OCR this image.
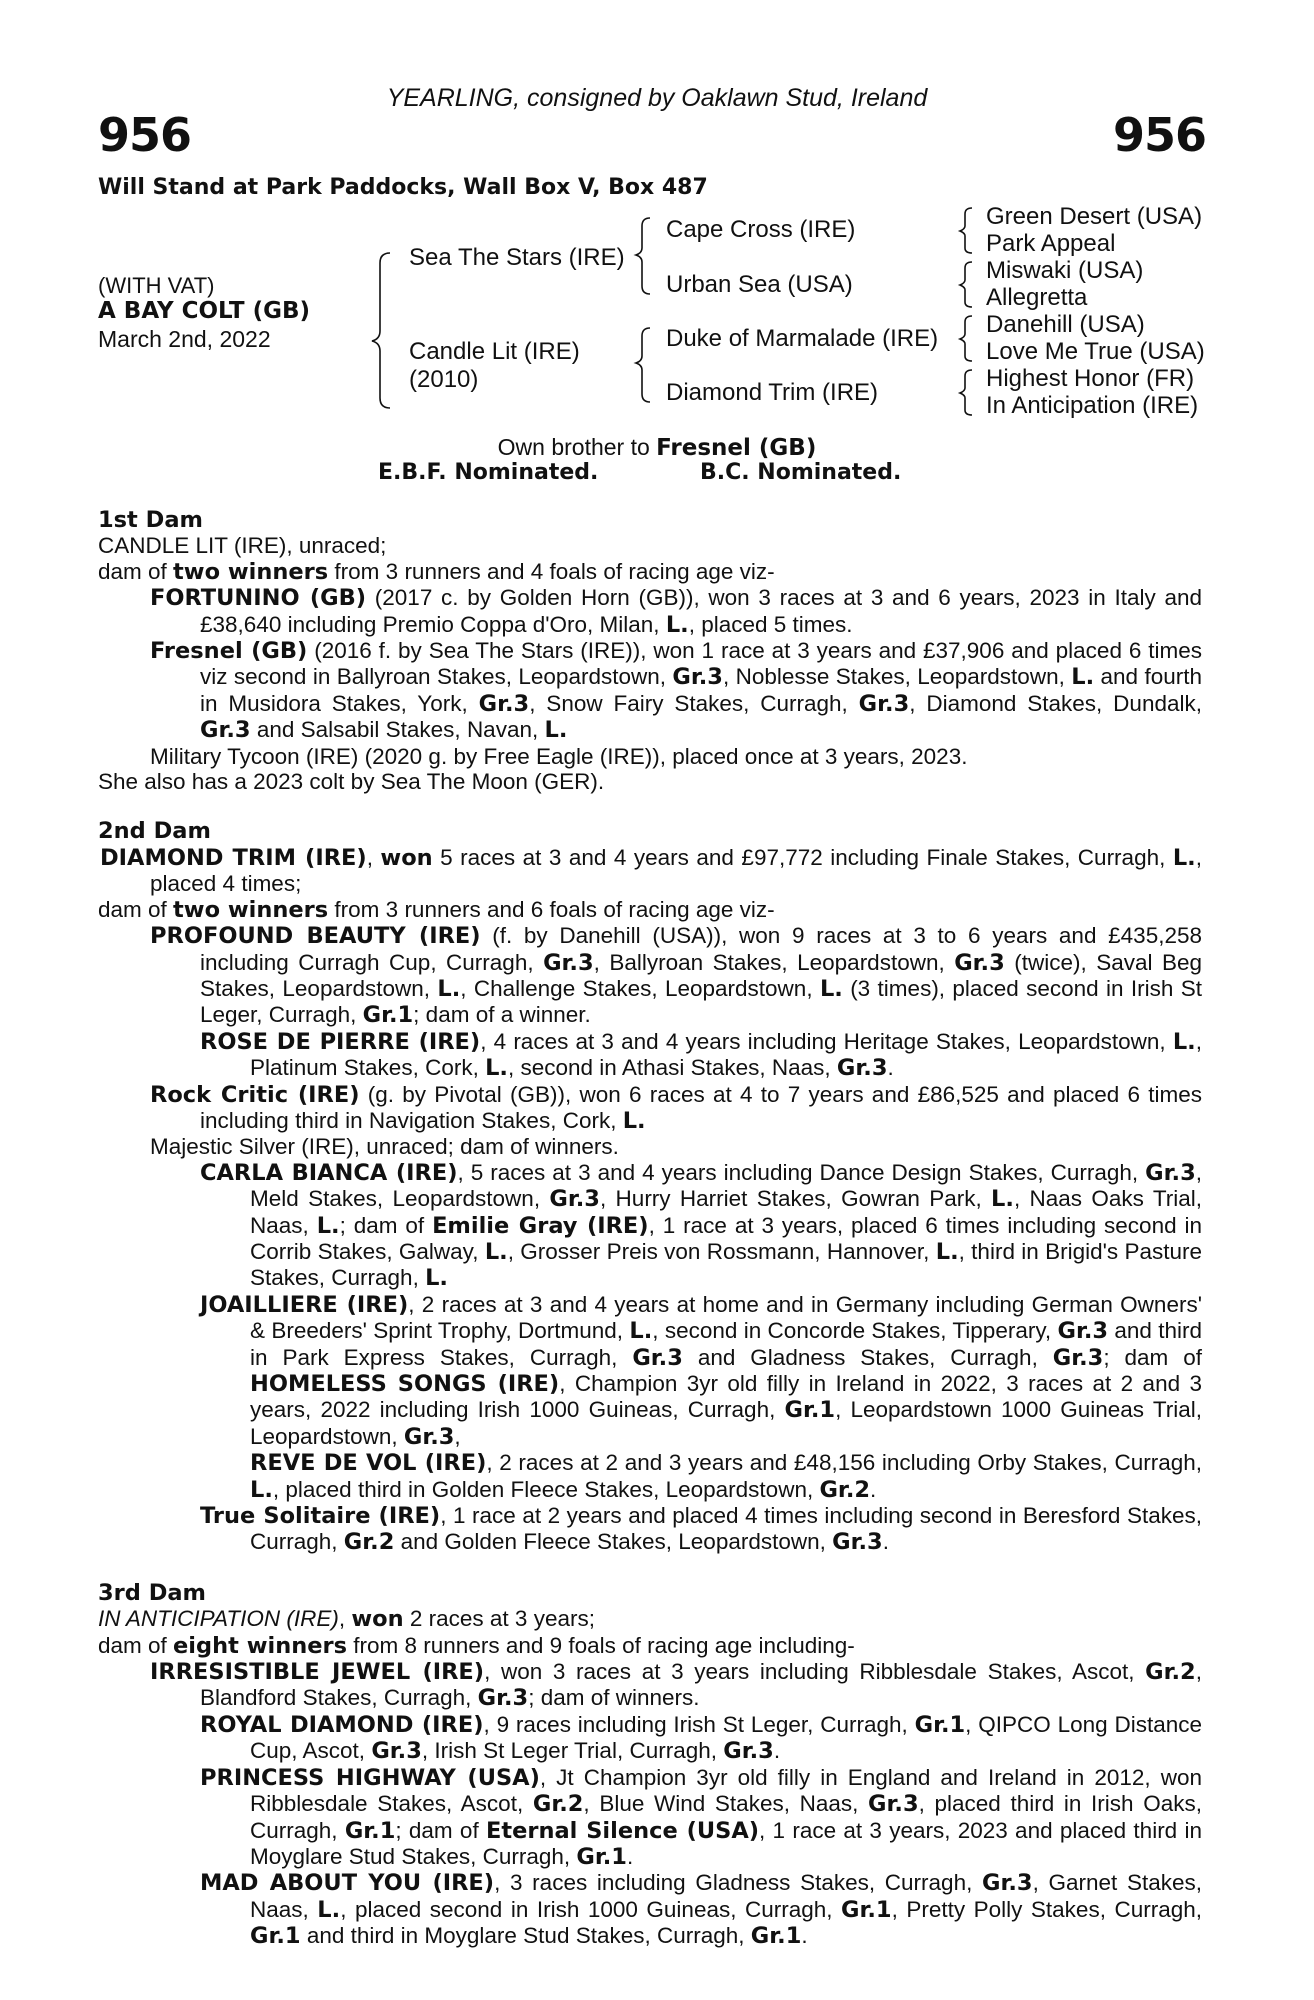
YEARLING, consigned by Oaklawn Stud, Ireland
956	956
Will Stand at Park Paddocks, Wall Box V, Box 487
(WITH VAT)
A BAY COLT (GB)
March 2nd, 2022
Sea The Stars (IRE)
Candle Lit (IRE)
(2010)
Cape Cross (IRE)
Urban Sea (USA)
Duke of Marmalade (IRE)
Diamond Trim (IRE)
Green Desert (USA)
Park Appeal
Miswaki (USA)
Allegretta
Danehill (USA)
Love Me True (USA)
Highest Honor (FR)
In Anticipation (IRE)
Own brother to Fresnel (GB)
E.B.F. Nominated.	B.C. Nominated.

1st Dam

CANDLE LIT (IRE), unraced;

dam of two winners from 3 runners and 4 foals of racing age viz-

FORTUNINO (GB) (2017 c. by Golden Horn (GB)), won 3 races at 3 and 6 years, 2023 in Italy and £38,640 including Premio Coppa d'Oro, Milan, L., placed 5 times.

Fresnel (GB) (2016 f. by Sea The Stars (IRE)), won 1 race at 3 years and £37,906 and placed 6 times viz second in Ballyroan Stakes, Leopardstown, Gr.3, Noblesse Stakes, Leopardstown, L. and fourth in Musidora Stakes, York, Gr.3, Snow Fairy Stakes, Curragh, Gr.3, Diamond Stakes, Dundalk, Gr.3 and Salsabil Stakes, Navan, L.

Military Tycoon (IRE) (2020 g. by Free Eagle (IRE)), placed once at 3 years, 2023.

She also has a 2023 colt by Sea The Moon (GER).

2nd Dam

DIAMOND TRIM (IRE), won 5 races at 3 and 4 years and £97,772 including Finale Stakes, Curragh, L., placed 4 times;

dam of two winners from 3 runners and 6 foals of racing age viz-

PROFOUND BEAUTY (IRE) (f. by Danehill (USA)), won 9 races at 3 to 6 years and £435,258 including Curragh Cup, Curragh, Gr.3, Ballyroan Stakes, Leopardstown, Gr.3 (twice), Saval Beg Stakes, Leopardstown, L., Challenge Stakes, Leopardstown, L. (3 times), placed second in Irish St Leger, Curragh, Gr.1; dam of a winner.

ROSE DE PIERRE (IRE), 4 races at 3 and 4 years including Heritage Stakes, Leopardstown, L., Platinum Stakes, Cork, L., second in Athasi Stakes, Naas, Gr.3.

Rock Critic (IRE) (g. by Pivotal (GB)), won 6 races at 4 to 7 years and £86,525 and placed 6 times including third in Navigation Stakes, Cork, L.

Majestic Silver (IRE), unraced; dam of winners.

CARLA BIANCA (IRE), 5 races at 3 and 4 years including Dance Design Stakes, Curragh, Gr.3, Meld Stakes, Leopardstown, Gr.3, Hurry Harriet Stakes, Gowran Park, L., Naas Oaks Trial, Naas, L.; dam of Emilie Gray (IRE), 1 race at 3 years, placed 6 times including second in Corrib Stakes, Galway, L., Grosser Preis von Rossmann, Hannover, L., third in Brigid's Pasture Stakes, Curragh, L.

JOAILLIERE (IRE), 2 races at 3 and 4 years at home and in Germany including German Owners' & Breeders' Sprint Trophy, Dortmund, L., second in Concorde Stakes, Tipperary, Gr.3 and third in Park Express Stakes, Curragh, Gr.3 and Gladness Stakes, Curragh, Gr.3; dam of HOMELESS SONGS (IRE), Champion 3yr old filly in Ireland in 2022, 3 races at 2 and 3 years, 2022 including Irish 1000 Guineas, Curragh, Gr.1, Leopardstown 1000 Guineas Trial, Leopardstown, Gr.3,

REVE DE VOL (IRE), 2 races at 2 and 3 years and £48,156 including Orby Stakes, Curragh, L., placed third in Golden Fleece Stakes, Leopardstown, Gr.2.

True Solitaire (IRE), 1 race at 2 years and placed 4 times including second in Beresford Stakes, Curragh, Gr.2 and Golden Fleece Stakes, Leopardstown, Gr.3.

3rd Dam

IN ANTICIPATION (IRE), won 2 races at 3 years;

dam of eight winners from 8 runners and 9 foals of racing age including-

IRRESISTIBLE JEWEL (IRE), won 3 races at 3 years including Ribblesdale Stakes, Ascot, Gr.2, Blandford Stakes, Curragh, Gr.3; dam of winners.

ROYAL DIAMOND (IRE), 9 races including Irish St Leger, Curragh, Gr.1, QIPCO Long Distance Cup, Ascot, Gr.3, Irish St Leger Trial, Curragh, Gr.3.

PRINCESS HIGHWAY (USA), Jt Champion 3yr old filly in England and Ireland in 2012, won Ribblesdale Stakes, Ascot, Gr.2, Blue Wind Stakes, Naas, Gr.3, placed third in Irish Oaks, Curragh, Gr.1; dam of Eternal Silence (USA), 1 race at 3 years, 2023 and placed third in Moyglare Stud Stakes, Curragh, Gr.1.

MAD ABOUT YOU (IRE), 3 races including Gladness Stakes, Curragh, Gr.3, Garnet Stakes, Naas, L., placed second in Irish 1000 Guineas, Curragh, Gr.1, Pretty Polly Stakes, Curragh, Gr.1 and third in Moyglare Stud Stakes, Curragh, Gr.1.
